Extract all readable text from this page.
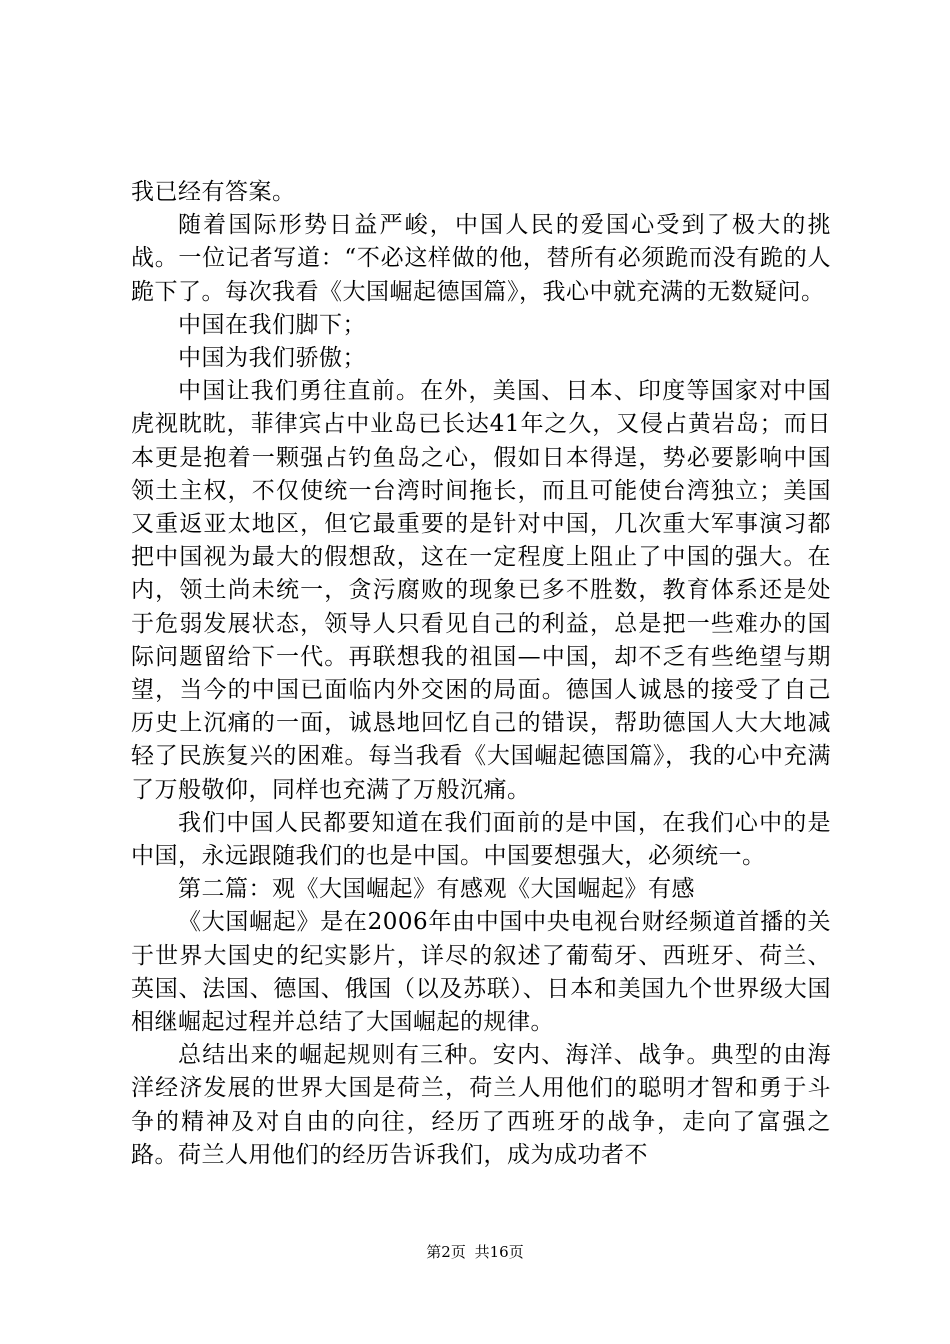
我已经有答案。

随着国际形势日益严峻，中国人民的爱国心受到了极大的挑战。一位记者写道：“不必这样做的他，替所有必须跪而没有跪的人跪下了。每次我看《大国崛起德国篇》，我心中就充满的无数疑问。

中国在我们脚下；

中国为我们骄傲；

中国让我们勇往直前。在外，美国、日本、印度等国家对中国虎视眈眈，菲律宾占中业岛已长达41年之久，又侵占黄岩岛；而日本更是抱着一颗强占钓鱼岛之心，假如日本得逞，势必要影响中国领土主权，不仅使统一台湾时间拖长，而且可能使台湾独立；美国又重返亚太地区，但它最重要的是针对中国，几次重大军事演习都把中国视为最大的假想敌，这在一定程度上阻止了中国的强大。在内，领土尚未统一，贪污腐败的现象已多不胜数，教育体系还是处于危弱发展状态，领导人只看见自己的利益，总是把一些难办的国际问题留给下一代。再联想我的祖国—中国，却不乏有些绝望与期望，当今的中国已面临内外交困的局面。德国人诚恳的接受了自己历史上沉痛的一面，诚恳地回忆自己的错误，帮助德国人大大地减轻了民族复兴的困难。每当我看《大国崛起德国篇》，我的心中充满了万般敬仰，同样也充满了万般沉痛。

我们中国人民都要知道在我们面前的是中国，在我们心中的是中国，永远跟随我们的也是中国。中国要想强大，必须统一。

第二篇：观《大国崛起》有感观《大国崛起》有感

《大国崛起》是在2006年由中国中央电视台财经频道首播的关于世界大国史的纪实影片，详尽的叙述了葡萄牙、西班牙、荷兰、英国、法国、德国、俄国（以及苏联）、日本和美国九个世界级大国相继崛起过程并总结了大国崛起的规律。

总结出来的崛起规则有三种。安内、海洋、战争。典型的由海洋经济发展的世界大国是荷兰，荷兰人用他们的聪明才智和勇于斗争的精神及对自由的向往，经历了西班牙的战争，走向了富强之路。荷兰人用他们的经历告诉我们，成为成功者不

第2页 共16页
